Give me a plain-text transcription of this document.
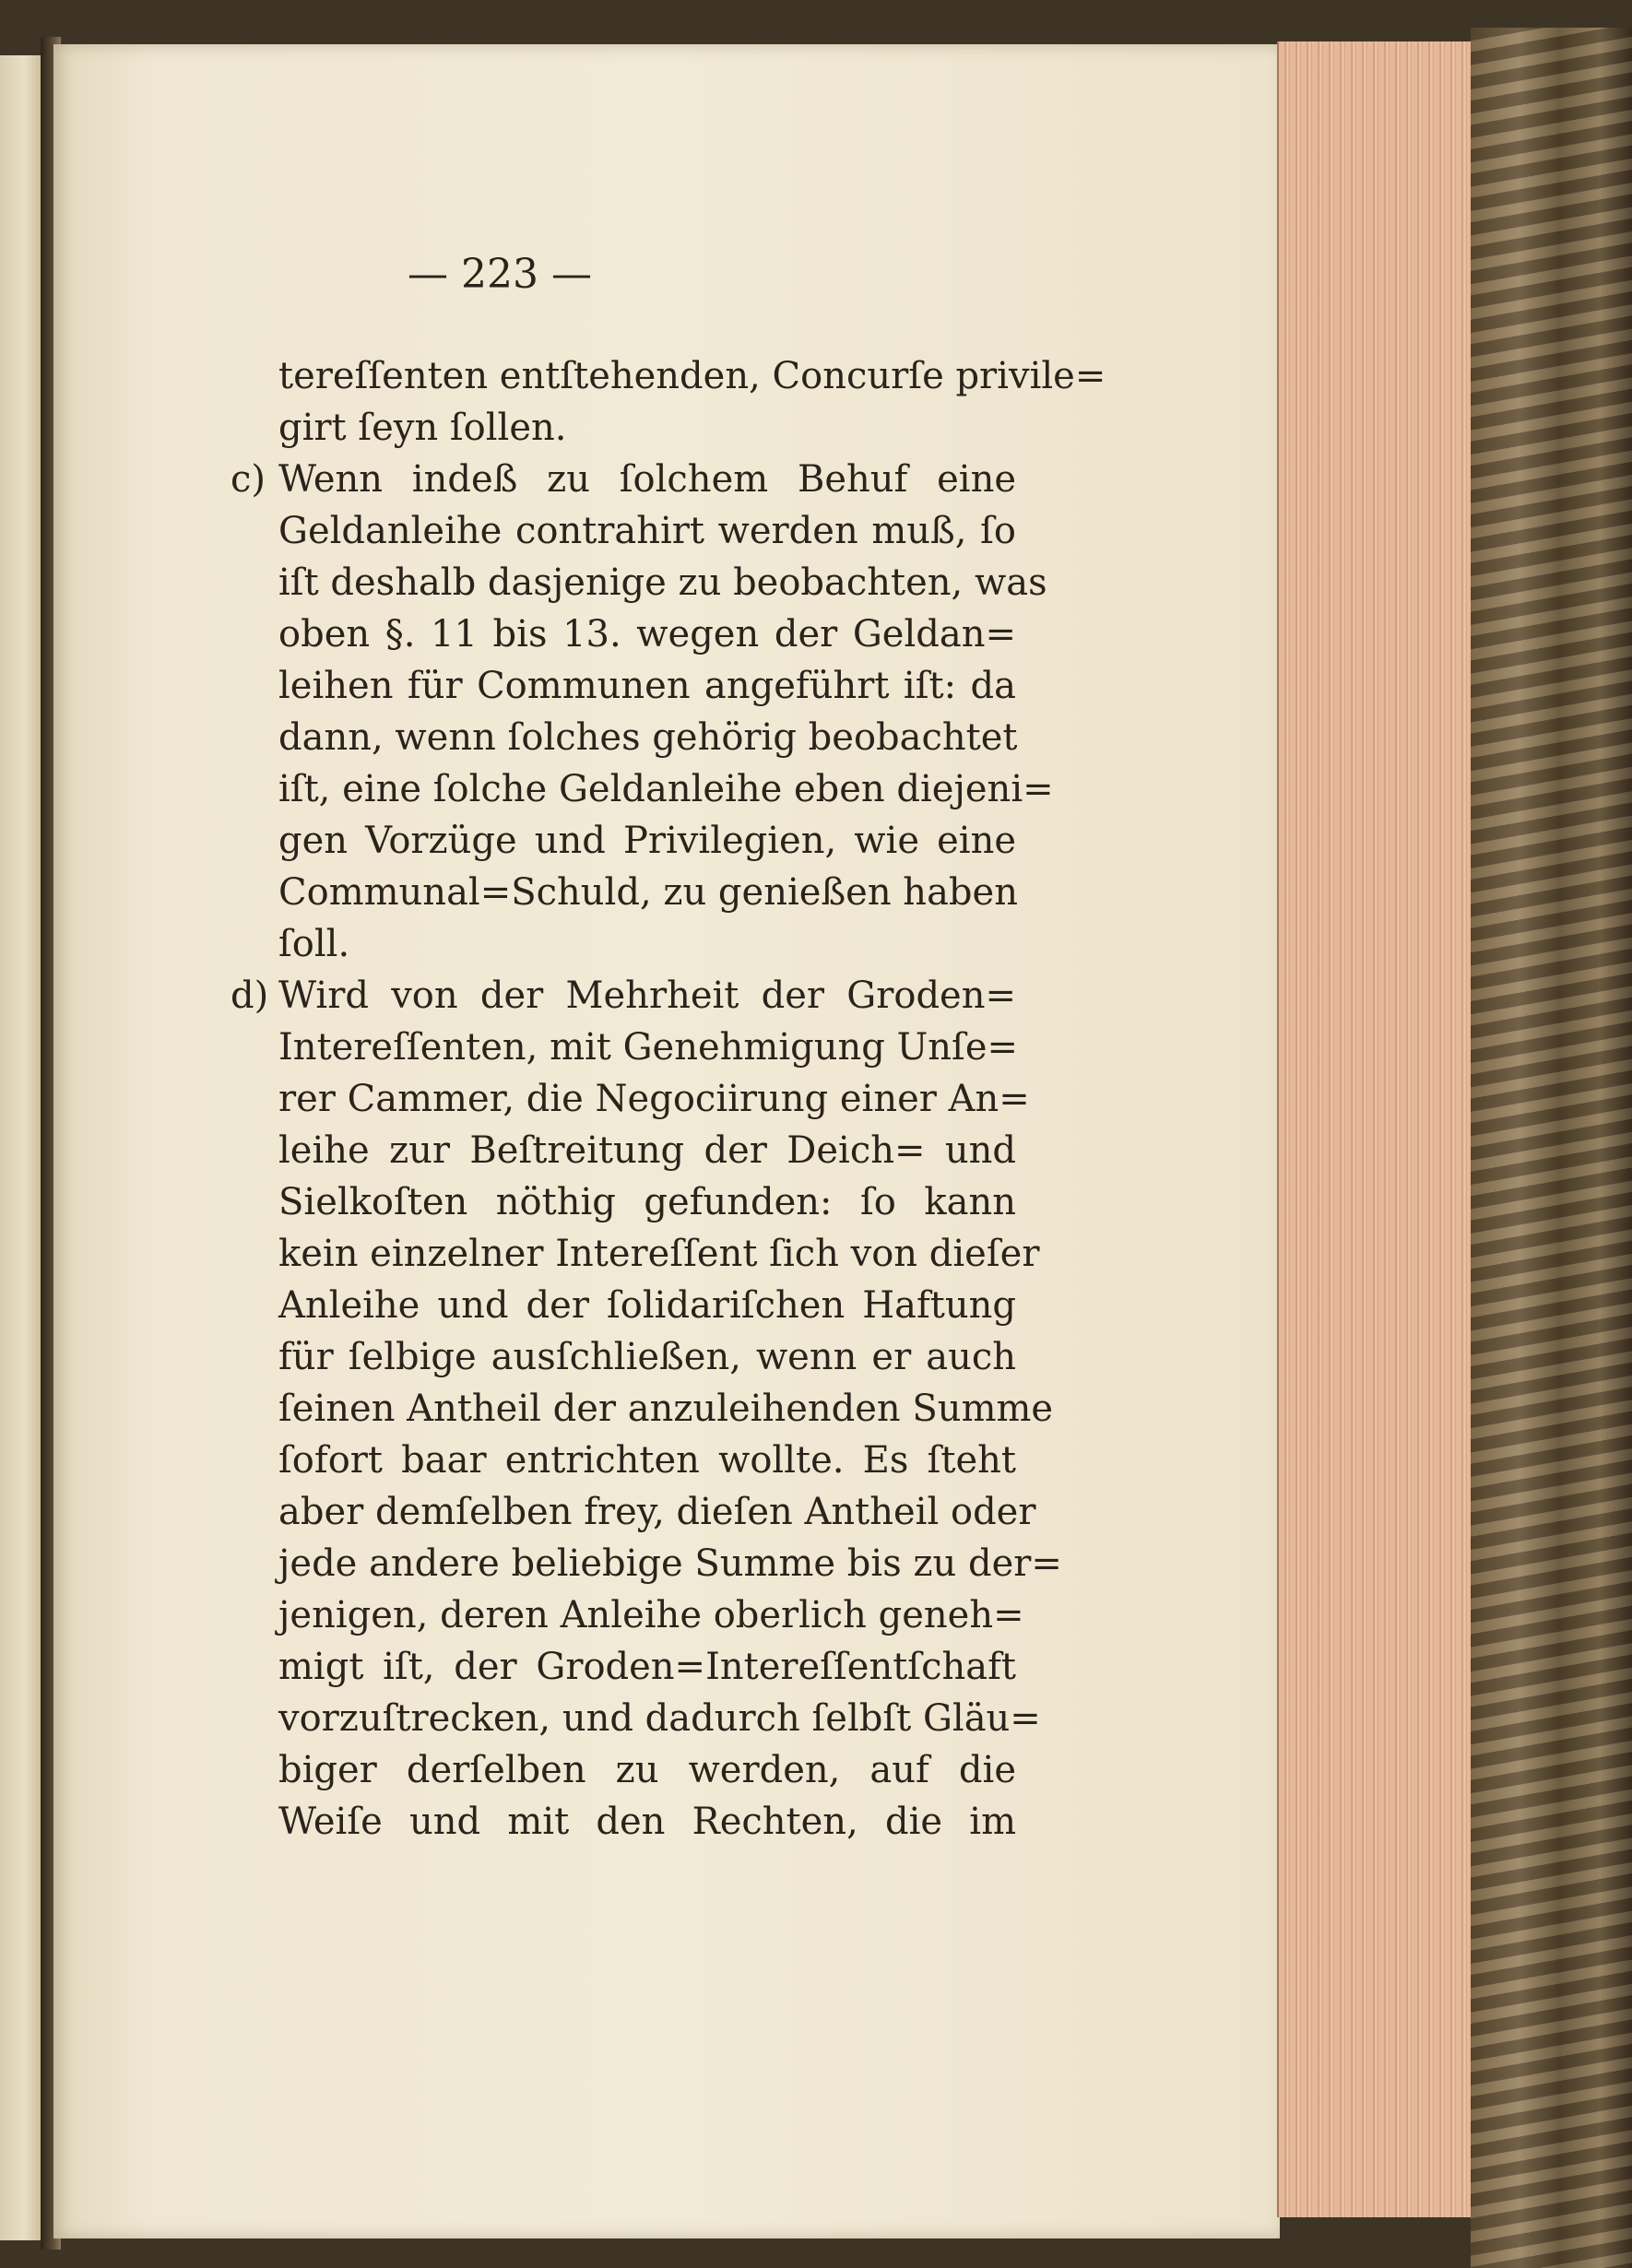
— 223 —
tereſſenten entſtehenden, Concurſe privile=
girt ſeyn ſollen.
c) Wenn indeß zu ſolchem Behuf eine
Geldanleihe contrahirt werden muß, ſo
iſt deshalb dasjenige zu beobachten, was
oben §. 11 bis 13. wegen der Geldan=
leihen für Communen angeführt iſt: da
dann, wenn ſolches gehörig beobachtet
iſt, eine ſolche Geldanleihe eben diejeni=
gen Vorzüge und Privilegien, wie eine
Communal=Schuld, zu genießen haben
ſoll.
d) Wird von der Mehrheit der Groden=
Intereſſenten, mit Genehmigung Unſe=
rer Cammer, die Negociirung einer An=
leihe zur Beſtreitung der Deich= und
Sielkoſten nöthig gefunden: ſo kann
kein einzelner Intereſſent ſich von dieſer
Anleihe und der ſolidariſchen Haftung
für ſelbige ausſchließen, wenn er auch
ſeinen Antheil der anzuleihenden Summe
ſofort baar entrichten wollte. Es ſteht
aber demſelben frey, dieſen Antheil oder
jede andere beliebige Summe bis zu der=
jenigen, deren Anleihe oberlich geneh=
migt iſt, der Groden=Intereſſentſchaft
vorzuſtrecken, und dadurch ſelbſt Gläu=
biger derſelben zu werden, auf die
Weiſe und mit den Rechten, die im
